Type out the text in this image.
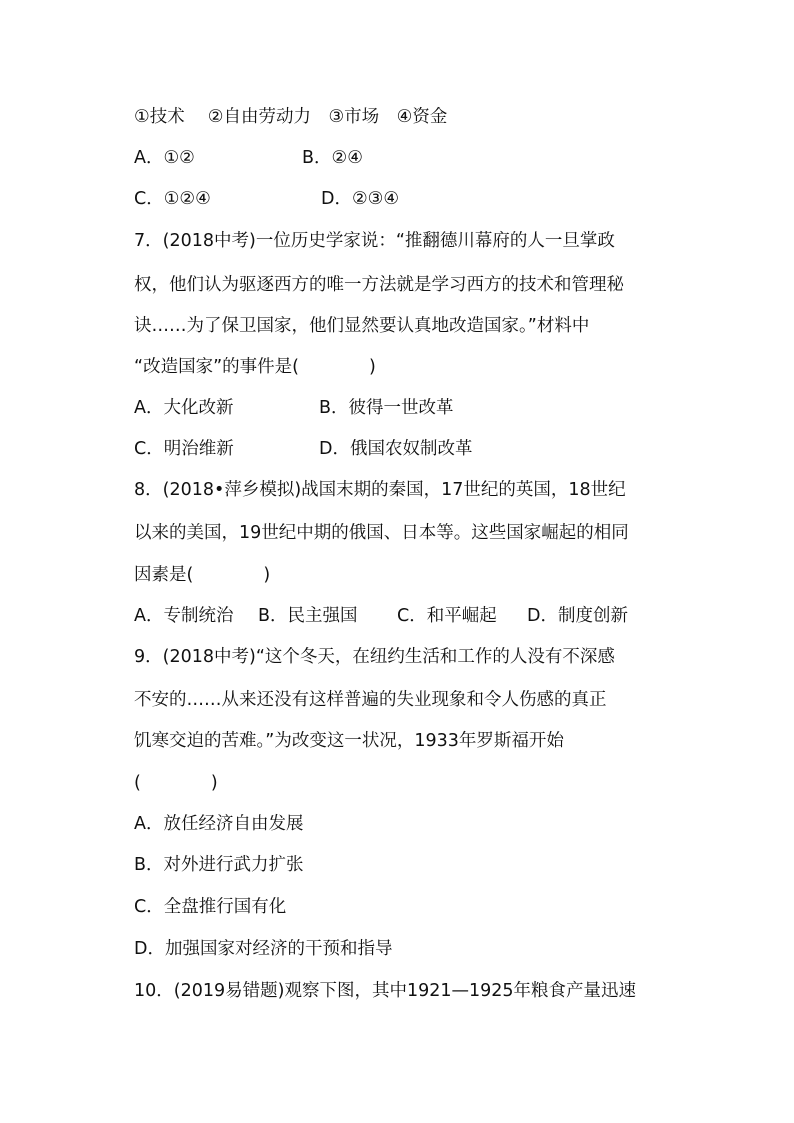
①技术　 ②自由劳动力　③市场　④资金
A．①②	B．②④
C．①②④	D．②③④
7．(2018中考)一位历史学家说：“推翻德川幕府的人一旦掌政
权，他们认为驱逐西方的唯一方法就是学习西方的技术和管理秘
诀……为了保卫国家，他们显然要认真地改造国家。”材料中
“改造国家”的事件是(　　　　)
A．大化改新	B．彼得一世改革
C．明治维新	D．俄国农奴制改革
8．(2018•萍乡模拟)战国末期的秦国，17世纪的英国，18世纪
以来的美国，19世纪中期的俄国、日本等。这些国家崛起的相同
因素是(　　　　)
A．专制统治 B．民主强国 C．和平崛起 D．制度创新
9．(2018中考)“这个冬天，在纽约生活和工作的人没有不深感
不安的……从来还没有这样普遍的失业现象和令人伤感的真正
饥寒交迫的苦难。”为改变这一状况，1933年罗斯福开始
(　　　　)
A．放任经济自由发展
B．对外进行武力扩张
C．全盘推行国有化
D．加强国家对经济的干预和指导
10．(2019易错题)观察下图，其中1921—1925年粮食产量迅速
